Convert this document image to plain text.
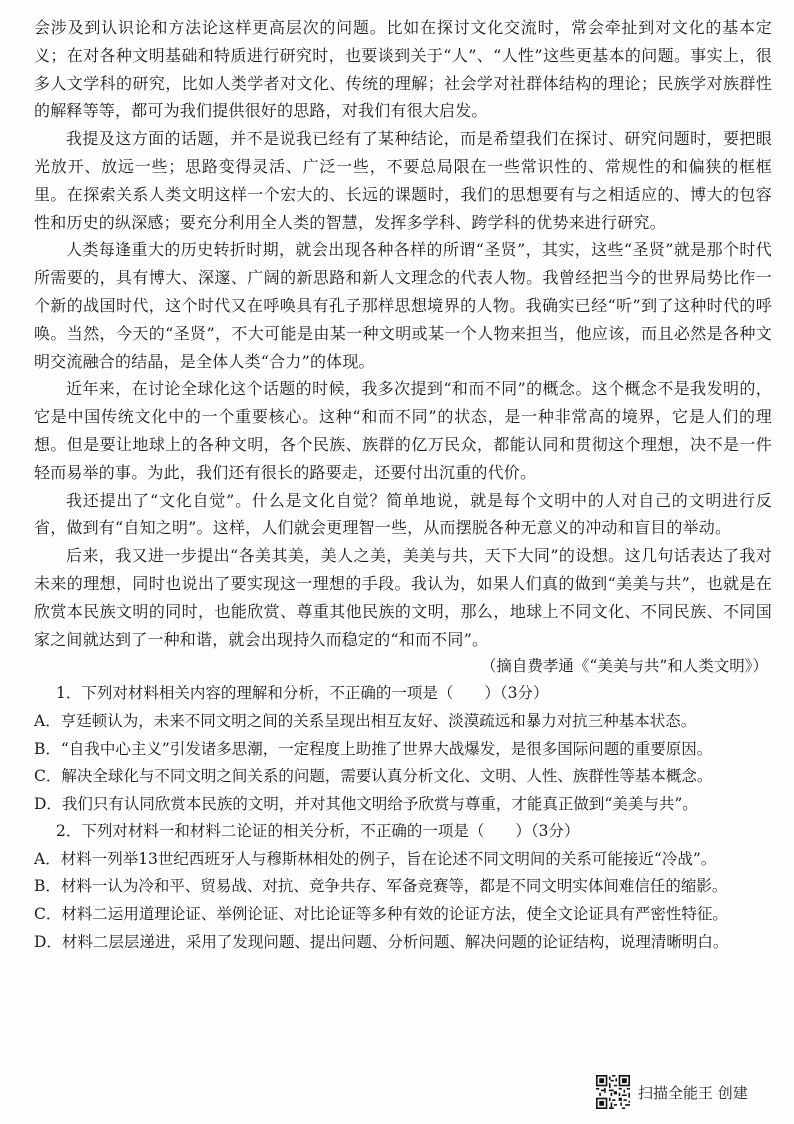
会涉及到认识论和方法论这样更高层次的问题。比如在探讨文化交流时，常会牵扯到对文化的基本定义；在对各种文明基础和特质进行研究时，也要谈到关于“人”、“人性”这些更基本的问题。事实上，很多人文学科的研究，比如人类学者对文化、传统的理解；社会学对社群体结构的理论；民族学对族群性的解释等等，都可为我们提供很好的思路，对我们有很大启发。

我提及这方面的话题，并不是说我已经有了某种结论，而是希望我们在探讨、研究问题时，要把眼光放开、放远一些；思路变得灵活、广泛一些，不要总局限在一些常识性的、常规性的和偏狭的框框里。在探索关系人类文明这样一个宏大的、长远的课题时，我们的思想要有与之相适应的、博大的包容性和历史的纵深感；要充分利用全人类的智慧，发挥多学科、跨学科的优势来进行研究。

人类每逢重大的历史转折时期，就会出现各种各样的所谓“圣贤”，其实，这些“圣贤”就是那个时代所需要的，具有博大、深邃、广阔的新思路和新人文理念的代表人物。我曾经把当今的世界局势比作一个新的战国时代，这个时代又在呼唤具有孔子那样思想境界的人物。我确实已经“听”到了这种时代的呼唤。当然，今天的“圣贤”，不大可能是由某一种文明或某一个人物来担当，他应该，而且必然是各种文明交流融合的结晶，是全体人类“合力”的体现。

近年来，在讨论全球化这个话题的时候，我多次提到“和而不同”的概念。这个概念不是我发明的，它是中国传统文化中的一个重要核心。这种“和而不同”的状态，是一种非常高的境界，它是人们的理想。但是要让地球上的各种文明，各个民族、族群的亿万民众，都能认同和贯彻这个理想，决不是一件轻而易举的事。为此，我们还有很长的路要走，还要付出沉重的代价。

我还提出了“文化自觉”。什么是文化自觉？简单地说，就是每个文明中的人对自己的文明进行反省，做到有“自知之明”。这样，人们就会更理智一些，从而摆脱各种无意义的冲动和盲目的举动。

后来，我又进一步提出“各美其美，美人之美，美美与共，天下大同”的设想。这几句话表达了我对未来的理想，同时也说出了要实现这一理想的手段。我认为，如果人们真的做到“美美与共”，也就是在欣赏本民族文明的同时，也能欣赏、尊重其他民族的文明，那么，地球上不同文化、不同民族、不同国家之间就达到了一种和谐，就会出现持久而稳定的“和而不同”。

（摘自费孝通《“美美与共”和人类文明》）

1．下列对材料相关内容的理解和分析，不正确的一项是（　　）（3分）

A．亨廷顿认为，未来不同文明之间的关系呈现出相互友好、淡漠疏远和暴力对抗三种基本状态。

B．“自我中心主义”引发诸多思潮，一定程度上助推了世界大战爆发，是很多国际问题的重要原因。

C．解决全球化与不同文明之间关系的问题，需要认真分析文化、文明、人性、族群性等基本概念。

D．我们只有认同欣赏本民族的文明，并对其他文明给予欣赏与尊重，才能真正做到“美美与共”。

2．下列对材料一和材料二论证的相关分析，不正确的一项是（　　）（3分）

A．材料一列举13世纪西班牙人与穆斯林相处的例子，旨在论述不同文明间的关系可能接近“冷战”。

B．材料一认为冷和平、贸易战、对抗、竞争共存、军备竞赛等，都是不同文明实体间难信任的缩影。

C．材料二运用道理论证、举例论证、对比论证等多种有效的论证方法，使全文论证具有严密性特征。

D．材料二层层递进，采用了发现问题、提出问题、分析问题、解决问题的论证结构，说理清晰明白。

扫描全能王 创建
